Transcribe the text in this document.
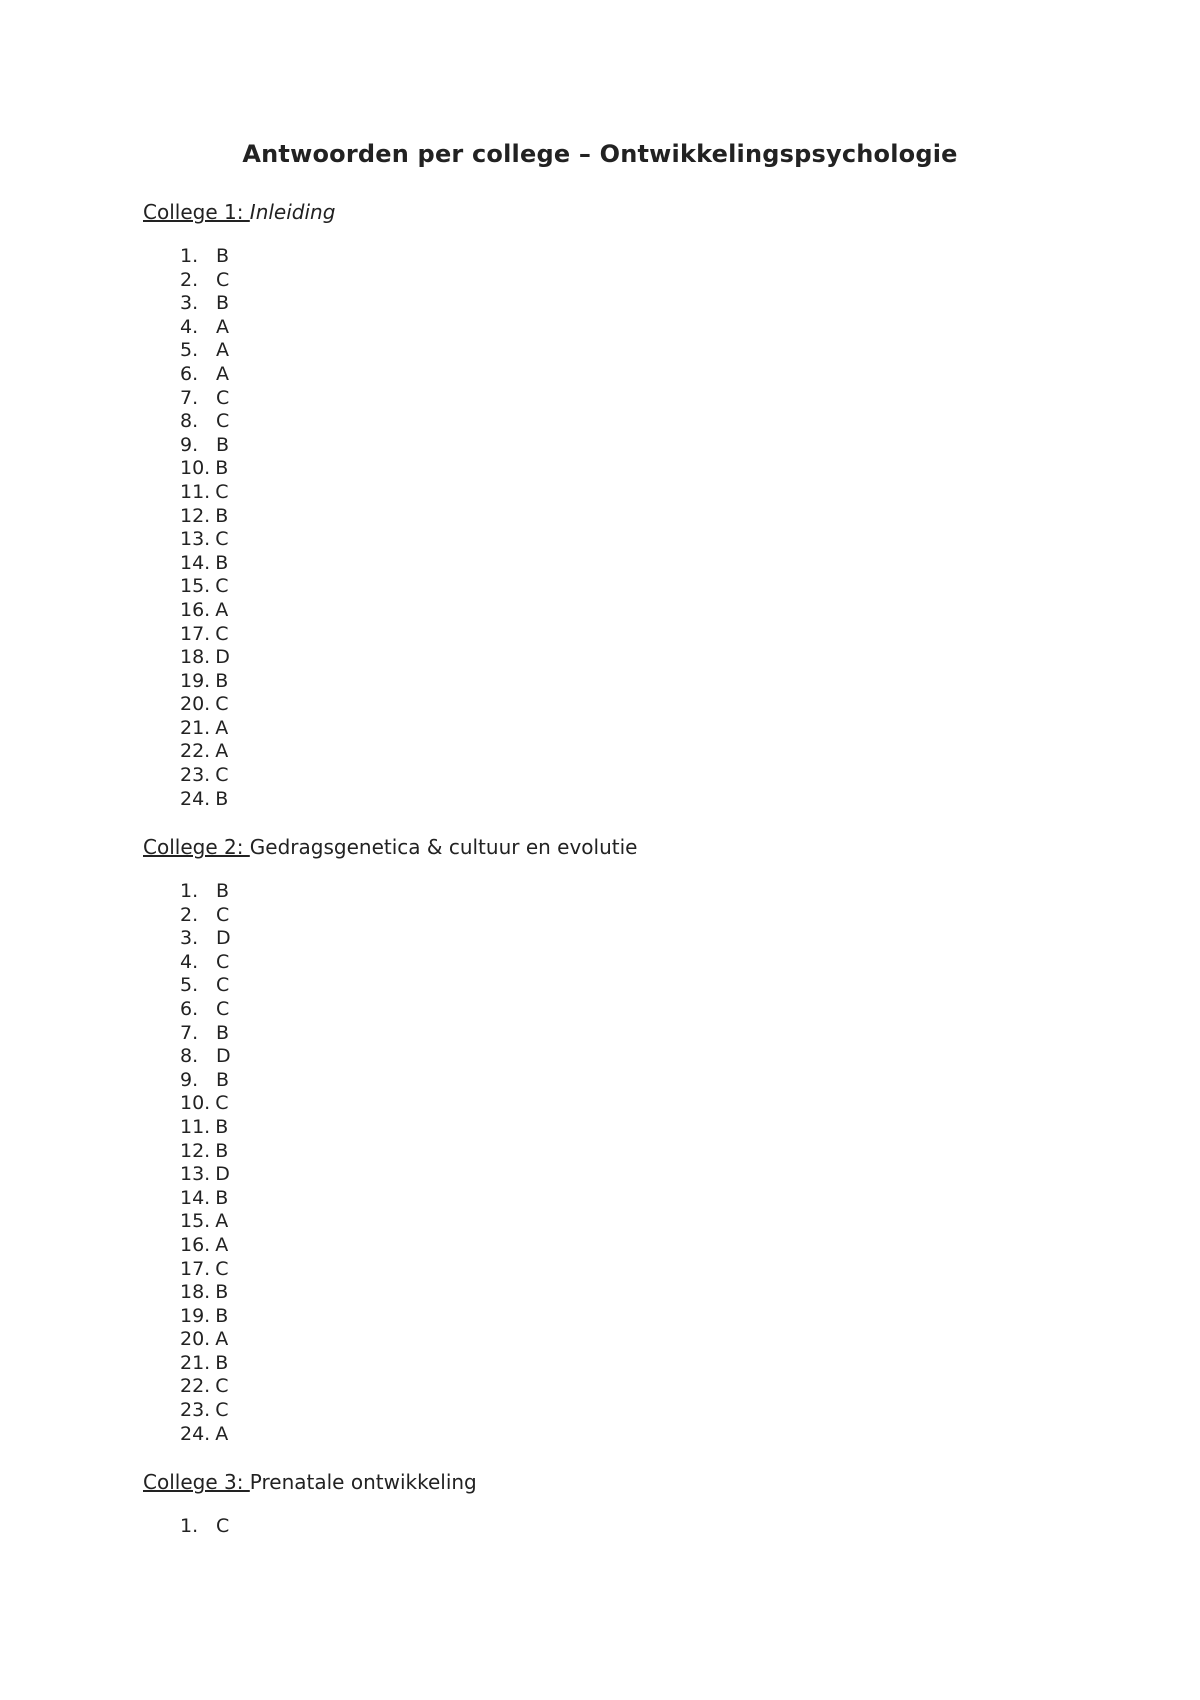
Antwoorden per college – Ontwikkelingspsychologie

College 1: Inleiding

1. B
2. C
3. B
4. A
5. A
6. A
7. C
8. C
9. B
10. B
11. C
12. B
13. C
14. B
15. C
16. A
17. C
18. D
19. B
20. C
21. A
22. A
23. C
24. B

College 2: Gedragsgenetica & cultuur en evolutie

1. B
2. C
3. D
4. C
5. C
6. C
7. B
8. D
9. B
10. C
11. B
12. B
13. D
14. B
15. A
16. A
17. C
18. B
19. B
20. A
21. B
22. C
23. C
24. A

College 3: Prenatale ontwikkeling

1. C
